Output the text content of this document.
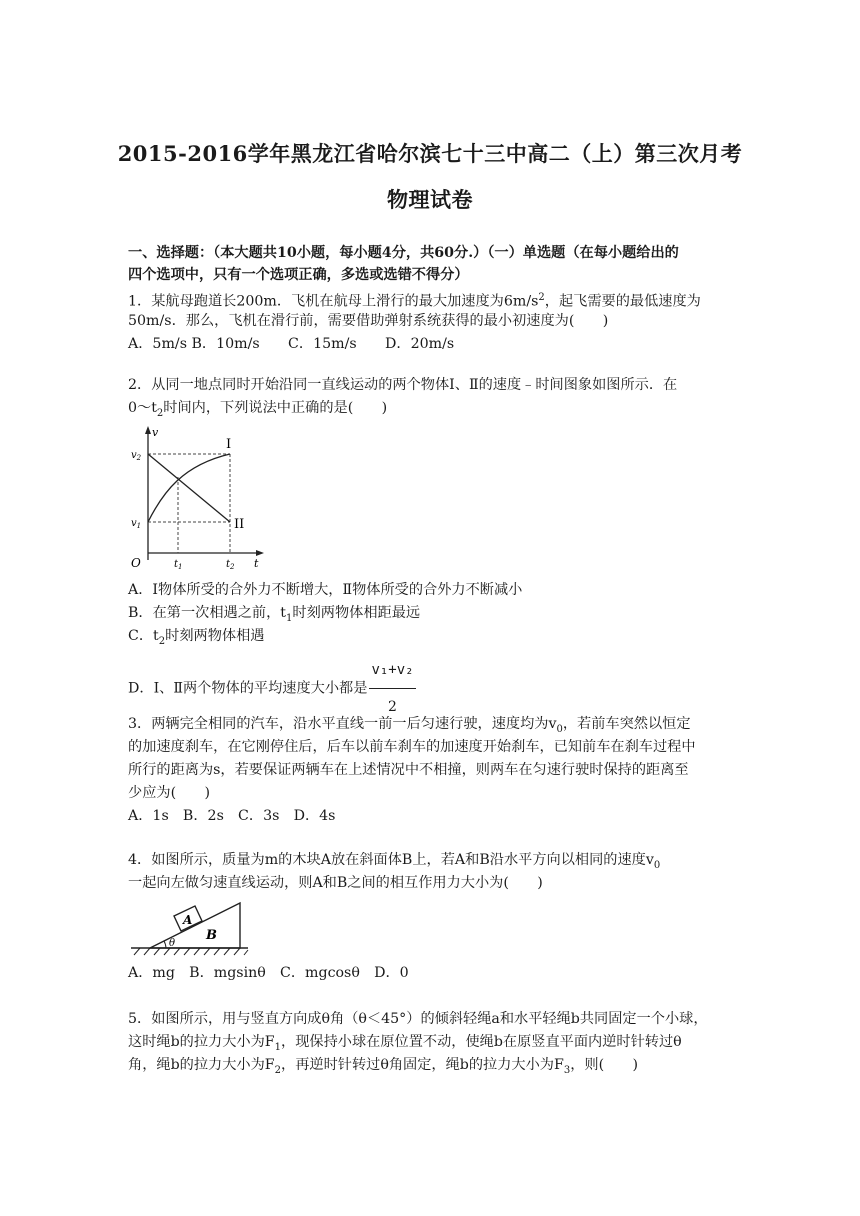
2015-2016学年黑龙江省哈尔滨七十三中高二（上）第三次月考
物理试卷
一、选择题：（本大题共10小题，每小题4分，共60分.）（一）单选题（在每小题给出的
四个选项中，只有一个选项正确，多选或选错不得分）
1．某航母跑道长200m．飞机在航母上滑行的最大加速度为$6m/s^2$，起飞需要的最低速度为
50m/s．那么，飞机在滑行前，需要借助弹射系统获得的最小初速度为(　　)
A．5m/s B．10m/s　　C．15m/s　　D．20m/s
2．从同一地点同时开始沿同一直线运动的两个物体Ⅰ、Ⅱ的速度﹣时间图象如图所示．在
$0\sim t_2$时间内，下列说法中正确的是(　　)
v
t
O
$v_2$
$v_1$
$t_1$	$t_2$
I
II
A．Ⅰ物体所受的合外力不断增大，Ⅱ物体所受的合外力不断减小
B．在第一次相遇之前，$t_1$时刻两物体相距最远
C．$t_2$时刻两物体相遇
D．Ⅰ、Ⅱ两个物体的平均速度大小都是 $\frac{\text{v₁+v₂}}{2}$
3．两辆完全相同的汽车，沿水平直线一前一后匀速行驶，速度均为$v_0$，若前车突然以恒定
的加速度刹车，在它刚停住后，后车以前车刹车的加速度开始刹车，已知前车在刹车过程中
所行的距离为s，若要保证两辆车在上述情况中不相撞，则两车在匀速行驶时保持的距离至
少应为(　　)
A．1s　B．2s　C．3s　D．4s
4．如图所示，质量为m的木块A放在斜面体B上，若A和B沿水平方向以相同的速度$v_0$
一起向左做匀速直线运动，则A和B之间的相互作用力大小为(　　)
A
B
θ
A．mg　B．mgsinθ　C．mgcosθ　D．0
5．如图所示，用与竖直方向成θ角（θ＜45°）的倾斜轻绳a和水平轻绳b共同固定一个小球，
这时绳b的拉力大小为$F_1$，现保持小球在原位置不动，使绳b在原竖直平面内逆时针转过θ
角，绳b的拉力大小为$F_2$，再逆时针转过θ角固定，绳b的拉力大小为$F_3$，则(　　)
